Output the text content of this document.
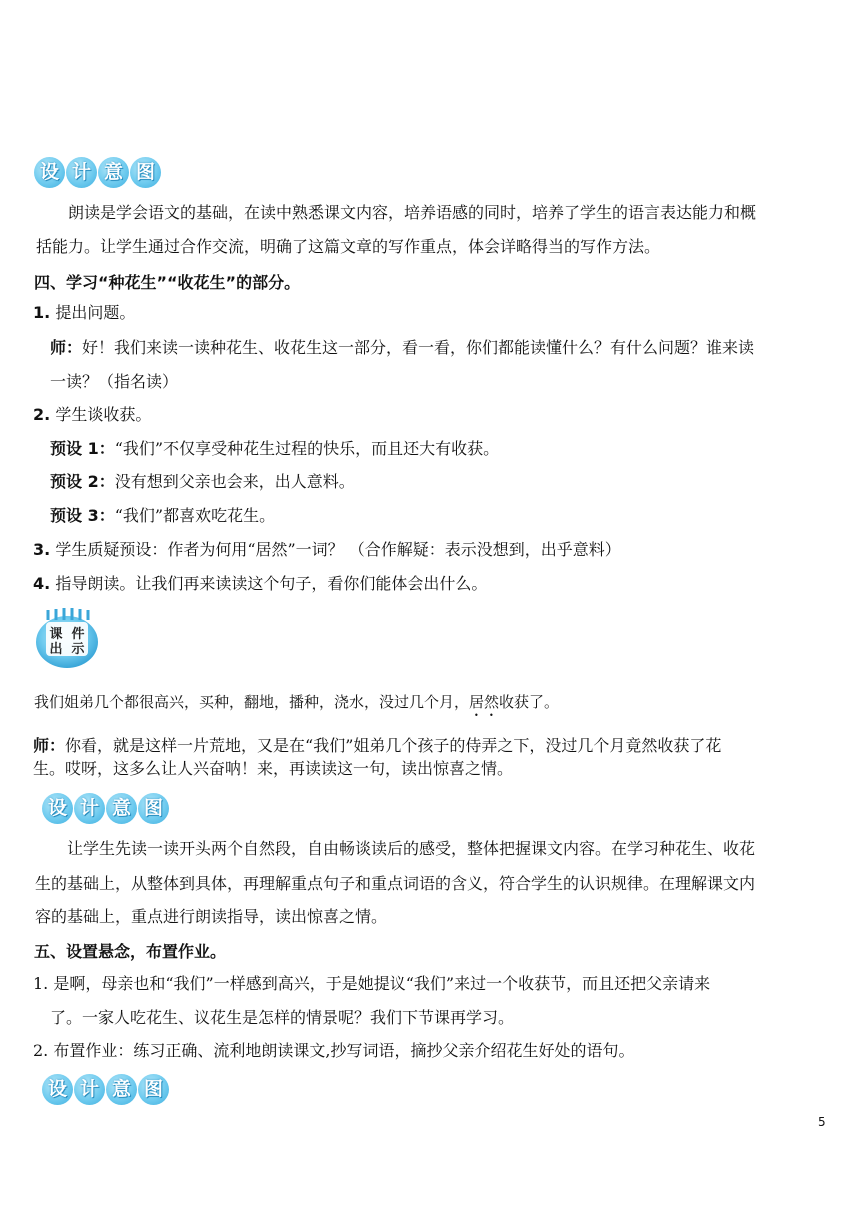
设 计 意 图
朗读是学会语文的基础，在读中熟悉课文内容，培养语感的同时，培养了学生的语言表达能力和概
括能力。让学生通过合作交流，明确了这篇文章的写作重点，体会详略得当的写作方法。
四、学习“种花生”“收花生”的部分。
1. 提出问题。
师：好！我们来读一读种花生、收花生这一部分，看一看，你们都能读懂什么？有什么问题？谁来读
一读？（指名读）
2. 学生谈收获。
预设 1：“我们”不仅享受种花生过程的快乐，而且还大有收获。
预设 2：没有想到父亲也会来，出人意料。
预设 3：“我们”都喜欢吃花生。
3. 学生质疑预设：作者为何用“居然”一词？ （合作解疑：表示没想到，出乎意料）
4. 指导朗读。让我们再来读读这个句子，看你们能体会出什么。
课 件
出 示
我们姐弟几个都很高兴，买种，翻地，播种，浇水，没过几个月，居然收获了。
师：你看，就是这样一片荒地，又是在“我们”姐弟几个孩子的侍弄之下，没过几个月竟然收获了花
生。哎呀，这多么让人兴奋呐！来，再读读这一句，读出惊喜之情。
设 计 意 图
让学生先读一读开头两个自然段，自由畅谈读后的感受，整体把握课文内容。在学习种花生、收花
生的基础上，从整体到具体，再理解重点句子和重点词语的含义，符合学生的认识规律。在理解课文内
容的基础上，重点进行朗读指导，读出惊喜之情。
五、设置悬念，布置作业。
1. 是啊，母亲也和“我们”一样感到高兴，于是她提议“我们”来过一个收获节，而且还把父亲请来
了。一家人吃花生、议花生是怎样的情景呢？我们下节课再学习。
2. 布置作业：练习正确、流利地朗读课文,抄写词语，摘抄父亲介绍花生好处的语句。
设 计 意 图
5
